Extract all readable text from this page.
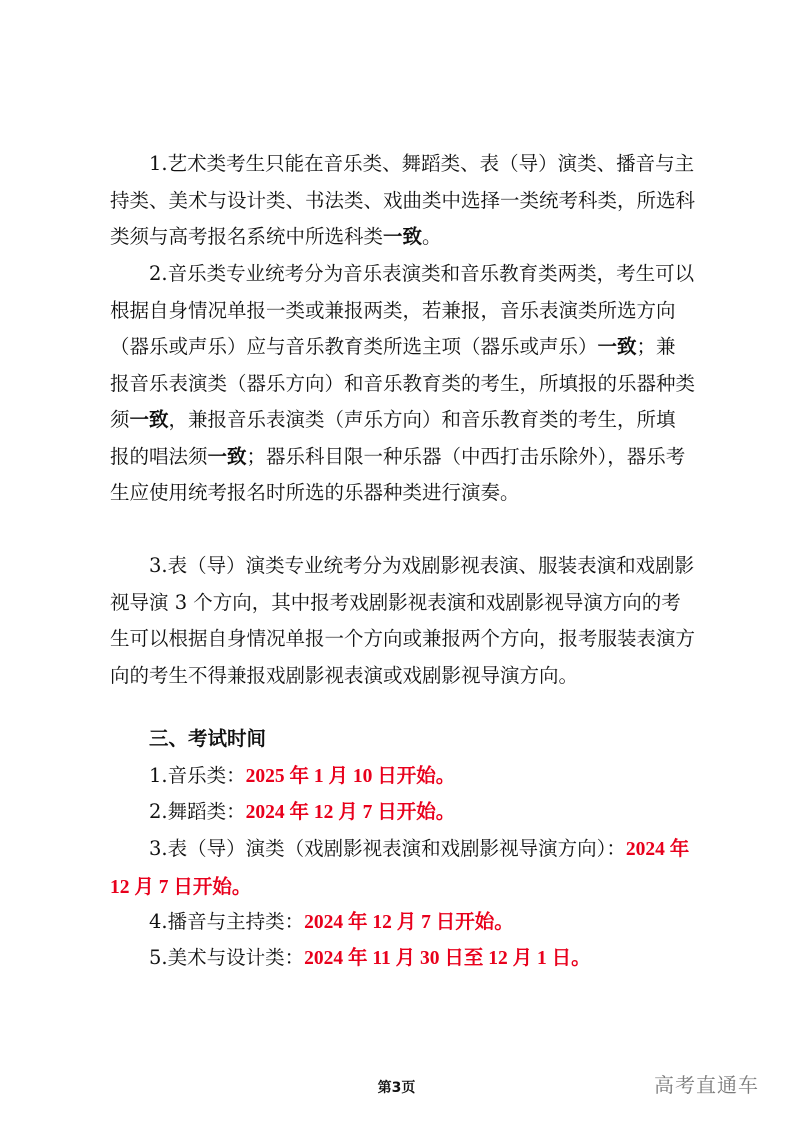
1.艺术类考生只能在音乐类、舞蹈类、表（导）演类、播音与主持类、美术与设计类、书法类、戏曲类中选择一类统考科类，所选科类须与高考报名系统中所选科类一致。

2.音乐类专业统考分为音乐表演类和音乐教育类两类，考生可以根据自身情况单报一类或兼报两类，若兼报，音乐表演类所选方向（器乐或声乐）应与音乐教育类所选主项（器乐或声乐）一致；兼报音乐表演类（器乐方向）和音乐教育类的考生，所填报的乐器种类须一致，兼报音乐表演类（声乐方向）和音乐教育类的考生，所填报的唱法须一致；器乐科目限一种乐器（中西打击乐除外），器乐考生应使用统考报名时所选的乐器种类进行演奏。

3.表（导）演类专业统考分为戏剧影视表演、服装表演和戏剧影视导演 3 个方向，其中报考戏剧影视表演和戏剧影视导演方向的考生可以根据自身情况单报一个方向或兼报两个方向，报考服装表演方向的考生不得兼报戏剧影视表演或戏剧影视导演方向。

三、考试时间
1.音乐类：2025 年 1 月 10 日开始。
2.舞蹈类：2024 年 12 月 7 日开始。

3.表（导）演类（戏剧影视表演和戏剧影视导演方向）：2024 年 12 月 7 日开始。

4.播音与主持类：2024 年 12 月 7 日开始。
5.美术与设计类：2024 年 11 月 30 日至 12 月 1 日。
第3页	高考直通车
